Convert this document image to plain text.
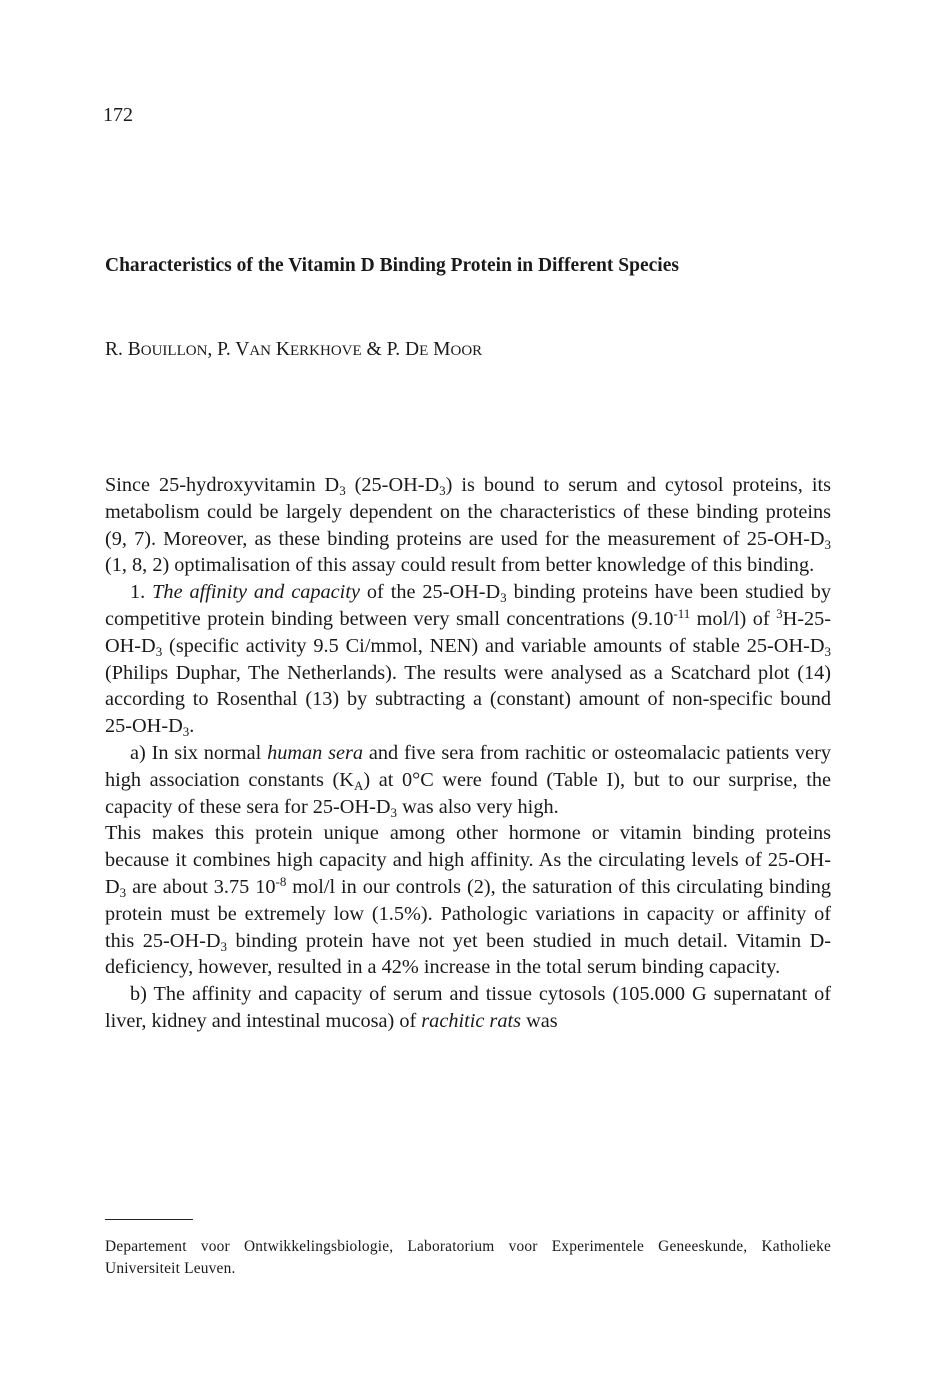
172
Characteristics of the Vitamin D Binding Protein in Different Species
R. BOUILLON, P. VAN KERKHOVE & P. DE MOOR

Since 25-hydroxyvitamin $D_3$ $(25-OH-D_3)$ is bound to serum and cytosol proteins, its metabolism could be largely dependent on the characteristics of these binding proteins (9, 7). Moreover, as these binding proteins are used for the measurement of $25-OH-D_3$ (1, 8, 2) optimalisation of this assay could result from better knowledge of this binding.

1. The affinity and capacity of the $25-OH-D_3$ binding proteins have been studied by competitive protein binding between very small concentrations ($9.10^{-11}$ mol/l) of $^3H-25-OH-D_3$ (specific activity 9.5 Ci/mmol, NEN) and variable amounts of stable $25-OH-D_3$ (Philips Duphar, The Netherlands). The results were analysed as a Scatchard plot (14) according to Rosenthal (13) by subtracting a (constant) amount of non-specific bound $25-OH-D_3$.

a) In six normal human sera and five sera from rachitic or osteomalacic patients very high association constants $(K_A)$ at 0°C were found (Table I), but to our surprise, the capacity of these sera for $25-OH-D_3$ was also very high.

This makes this protein unique among other hormone or vitamin binding proteins because it combines high capacity and high affinity. As the circulating levels of $25-OH-D_3$ are about 3.75 $10^{-8}$ mol/l in our controls (2), the saturation of this circulating binding protein must be extremely low (1.5%). Pathologic variations in capacity or affinity of this $25-OH-D_3$ binding protein have not yet been studied in much detail. Vitamin D-deficiency, however, resulted in a 42% increase in the total serum binding capacity.

b) The affinity and capacity of serum and tissue cytosols (105.000 G supernatant of liver, kidney and intestinal mucosa) of rachitic rats was

Departement voor Ontwikkelingsbiologie, Laboratorium voor Experimentele Geneeskunde, Katholieke Universiteit Leuven.
